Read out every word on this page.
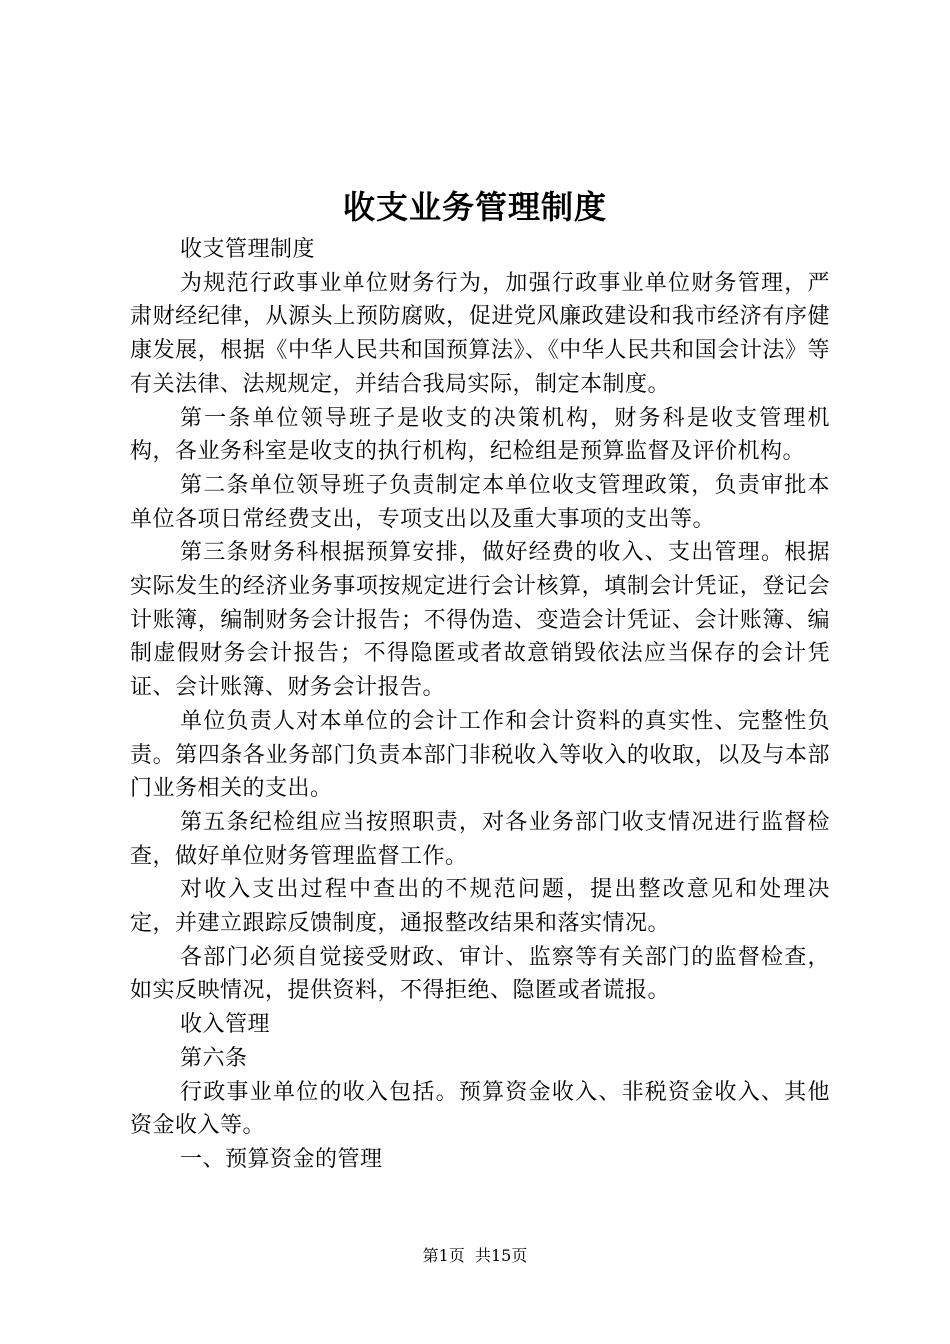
收支业务管理制度

收支管理制度

为规范行政事业单位财务行为，加强行政事业单位财务管理，严肃财经纪律，从源头上预防腐败，促进党风廉政建设和我市经济有序健康发展，根据《中华人民共和国预算法》、《中华人民共和国会计法》等有关法律、法规规定，并结合我局实际，制定本制度。

第一条单位领导班子是收支的决策机构，财务科是收支管理机构，各业务科室是收支的执行机构，纪检组是预算监督及评价机构。

第二条单位领导班子负责制定本单位收支管理政策，负责审批本单位各项日常经费支出，专项支出以及重大事项的支出等。

第三条财务科根据预算安排，做好经费的收入、支出管理。根据实际发生的经济业务事项按规定进行会计核算，填制会计凭证，登记会计账簿，编制财务会计报告；不得伪造、变造会计凭证、会计账簿、编制虚假财务会计报告；不得隐匿或者故意销毁依法应当保存的会计凭证、会计账簿、财务会计报告。

单位负责人对本单位的会计工作和会计资料的真实性、完整性负责。第四条各业务部门负责本部门非税收入等收入的收取，以及与本部门业务相关的支出。

第五条纪检组应当按照职责，对各业务部门收支情况进行监督检查，做好单位财务管理监督工作。

对收入支出过程中查出的不规范问题，提出整改意见和处理决定，并建立跟踪反馈制度，通报整改结果和落实情况。

各部门必须自觉接受财政、审计、监察等有关部门的监督检查，如实反映情况，提供资料，不得拒绝、隐匿或者谎报。

收入管理

第六条

行政事业单位的收入包括。预算资金收入、非税资金收入、其他资金收入等。

一、预算资金的管理

第1页 共15页
